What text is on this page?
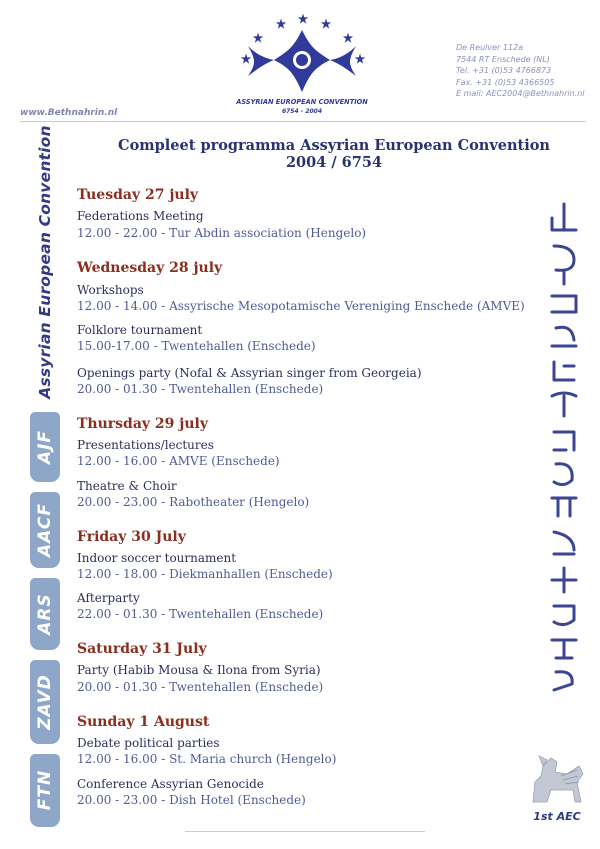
ASSYRIAN EUROPEAN CONVENTION
6754 - 2004
De Reulver 112a
7544 RT Enschede (NL)
Tel. +31 (0)53 4766873
Fax. +31 (0)53 4366505
E mail: AEC2004@Bethnahrin.nl
www.Bethnahrin.nl
Compleet programma Assyrian European Convention
2004 / 6754
Assyrian European Convention
AJF
AACF
ARS
ZAVD
FTN
Tuesday 27 july
Federations Meeting
12.00 - 22.00 - Tur Abdin association (Hengelo)
Wednesday 28 july
Workshops
12.00 - 14.00 - Assyrische Mesopotamische Vereniging Enschede (AMVE)
Folklore tournament
15.00-17.00 - Twentehallen (Enschede)
Openings party (Nofal & Assyrian singer from Georgeia)
20.00 - 01.30 - Twentehallen (Enschede)
Thursday 29 july
Presentations/lectures
12.00 - 16.00 - AMVE (Enschede)
Theatre & Choir
20.00 - 23.00 - Rabotheater (Hengelo)
Friday 30 July
Indoor soccer tournament
12.00 - 18.00 - Diekmanhallen (Enschede)
Afterparty
22.00 - 01.30 - Twentehallen (Enschede)
Saturday 31 July
Party (Habib Mousa & Ilona from Syria)
20.00 - 01.30 - Twentehallen (Enschede)
Sunday 1 August
Debate political parties
12.00 - 16.00 - St. Maria church (Hengelo)
Conference Assyrian Genocide
20.00 - 23.00 - Dish Hotel (Enschede)
1st AEC
